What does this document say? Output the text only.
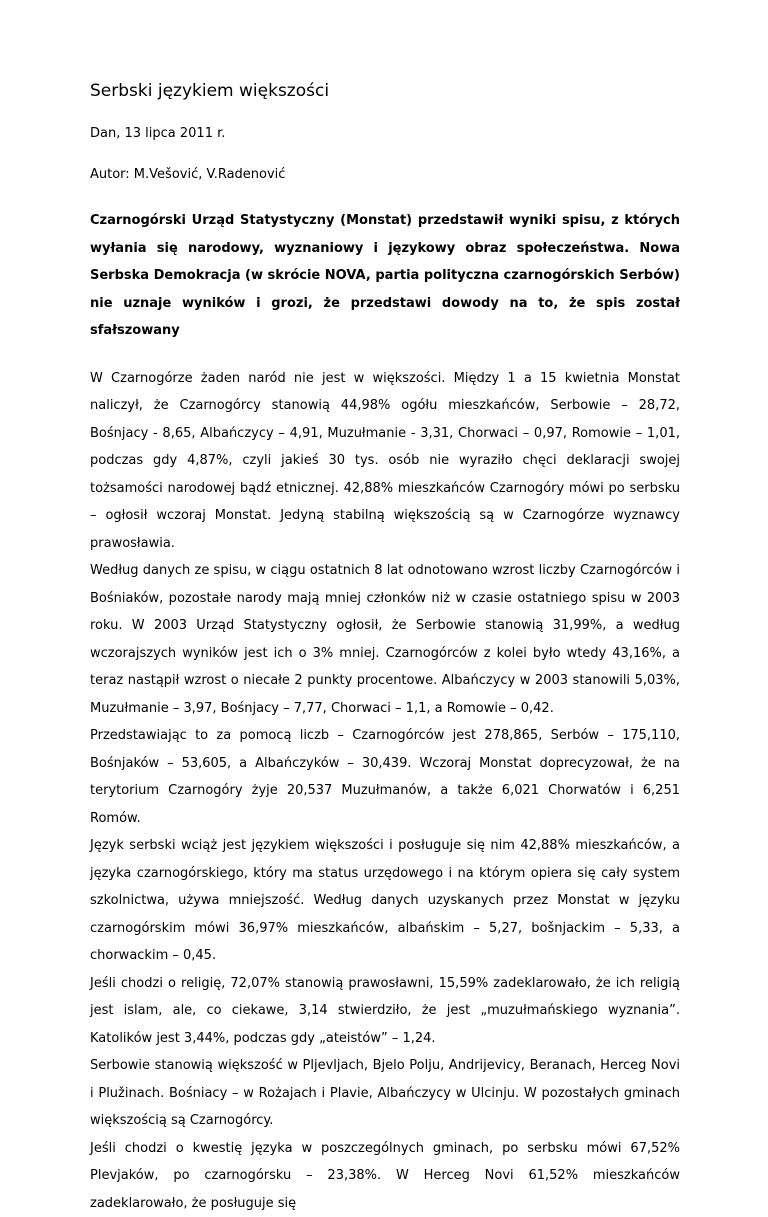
Serbski językiem większości

Dan, 13 lipca 2011 r.

Autor: M.Vešović, V.Radenović

Czarnogórski Urząd Statystyczny (Monstat) przedstawił wyniki spisu, z których wyłania się narodowy, wyznaniowy i językowy obraz społeczeństwa. Nowa Serbska Demokracja (w skrócie NOVA, partia polityczna czarnogórskich Serbów) nie uznaje wyników i grozi, że przedstawi dowody na to, że spis został sfałszowany

W Czarnogórze żaden naród nie jest w większości. Między 1 a 15 kwietnia Monstat naliczył, że Czarnogórcy stanowią 44,98% ogółu mieszkańców, Serbowie – 28,72, Bośnjacy - 8,65, Albańczycy – 4,91, Muzułmanie - 3,31, Chorwaci – 0,97, Romowie – 1,01, podczas gdy 4,87%, czyli jakieś 30 tys. osób nie wyraziło chęci deklaracji swojej tożsamości narodowej bądź etnicznej. 42,88% mieszkańców Czarnogóry mówi po serbsku – ogłosił wczoraj Monstat. Jedyną stabilną większością są w Czarnogórze wyznawcy prawosławia.

Według danych ze spisu, w ciągu ostatnich 8 lat odnotowano wzrost liczby Czarnogórców i Bośniaków, pozostałe narody mają mniej członków niż w czasie ostatniego spisu w 2003 roku. W 2003 Urząd Statystyczny ogłosił, że Serbowie stanowią 31,99%, a według wczorajszych wyników jest ich o 3% mniej. Czarnogórców z kolei było wtedy 43,16%, a teraz nastąpił wzrost o niecałe 2 punkty procentowe. Albańczycy w 2003 stanowili 5,03%, Muzułmanie – 3,97, Bośnjacy – 7,77, Chorwaci – 1,1, a Romowie – 0,42.

Przedstawiając to za pomocą liczb – Czarnogórców jest 278,865, Serbów – 175,110, Bośnjaków – 53,605, a Albańczyków – 30,439. Wczoraj Monstat doprecyzował, że na terytorium Czarnogóry żyje 20,537 Muzułmanów, a także 6,021 Chorwatów i 6,251 Romów.

Język serbski wciąż jest językiem większości i posługuje się nim 42,88% mieszkańców, a języka czarnogórskiego, który ma status urzędowego i na którym opiera się cały system szkolnictwa, używa mniejszość. Według danych uzyskanych przez Monstat w języku czarnogórskim mówi 36,97% mieszkańców, albańskim – 5,27, bošnjackim – 5,33, a chorwackim – 0,45.

Jeśli chodzi o religię, 72,07% stanowią prawosławni, 15,59% zadeklarowało, że ich religią jest islam, ale, co ciekawe, 3,14 stwierdziło, że jest „muzułmańskiego wyznania”. Katolików jest 3,44%, podczas gdy „ateistów” – 1,24.

Serbowie stanowią większość w Pljevljach, Bjelo Polju, Andrijevicy, Beranach, Herceg Novi i Plužinach. Bośniacy – w Rożajach i Plavie, Albańczycy w Ulcinju. W pozostałych gminach większością są Czarnogórcy.

Jeśli chodzi o kwestię języka w poszczególnych gminach, po serbsku mówi 67,52% Plevjaków, po czarnogórsku – 23,38%. W Herceg Novi 61,52% mieszkańców zadeklarowało, że posługuje się
